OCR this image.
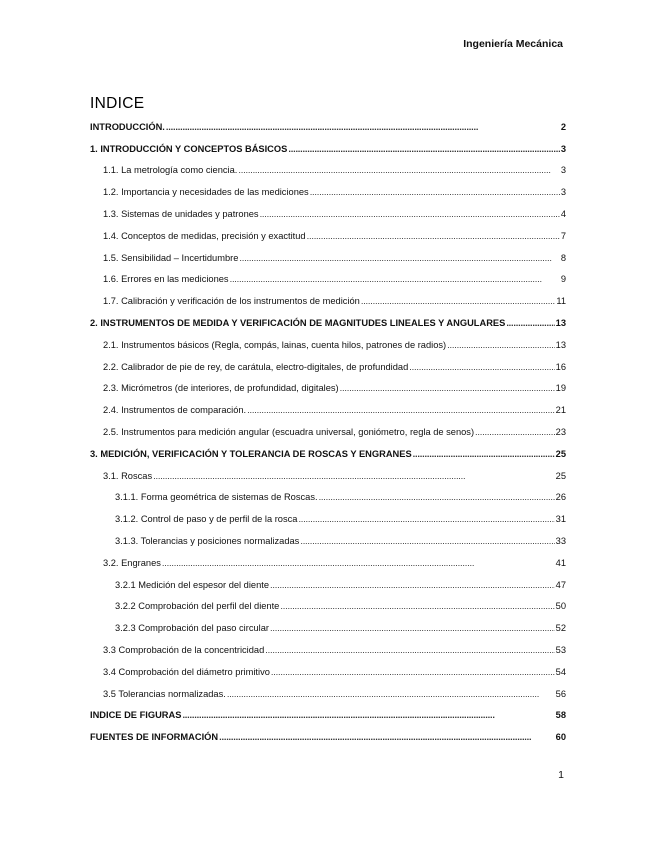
Ingeniería Mecánica
INDICE
INTRODUCCIÓN. . . .	2
1. INTRODUCCIÓN Y CONCEPTOS BÁSICOS . . .	3
1.1. La metrología como ciencia. . . .	3
1.2. Importancia y necesidades de las mediciones . . .	3
1.3. Sistemas de unidades y patrones . . .	4
1.4. Conceptos de medidas, precisión y exactitud . . .	7
1.5. Sensibilidad – Incertidumbre . . .	8
1.6. Errores en las mediciones . . .	9
1.7. Calibración y verificación de los instrumentos de medición . . .	11
2. INSTRUMENTOS DE MEDIDA Y VERIFICACIÓN DE MAGNITUDES LINEALES Y ANGULARES . . .	13
2.1. Instrumentos básicos (Regla, compás, lainas, cuenta hilos, patrones de radios) . . .	13
2.2. Calibrador de pie de rey, de carátula, electro-digitales, de profundidad . . .	16
2.3. Micrómetros (de interiores, de profundidad, digitales) . . .	19
2.4. Instrumentos de comparación. . . .	21
2.5. Instrumentos para medición angular (escuadra universal, goniómetro, regla de senos) . . .	23
3. MEDICIÓN, VERIFICACIÓN Y TOLERANCIA DE ROSCAS Y ENGRANES . . .	25
3.1. Roscas . . .	25
3.1.1. Forma geométrica de sistemas de Roscas. . . .	26
3.1.2. Control de paso y de perfil de la rosca . . .	31
3.1.3. Tolerancias y posiciones normalizadas . . .	33
3.2. Engranes . . .	41
3.2.1 Medición del espesor del diente . . .	47
3.2.2 Comprobación del perfil del diente . . .	50
3.2.3 Comprobación del paso circular . . .	52
3.3 Comprobación de la concentricidad . . .	53
3.4 Comprobación del diámetro primitivo . . .	54
3.5 Tolerancias normalizadas. . . .	56
INDICE DE FIGURAS . . .	58
FUENTES DE INFORMACIÓN . . .	60
1
